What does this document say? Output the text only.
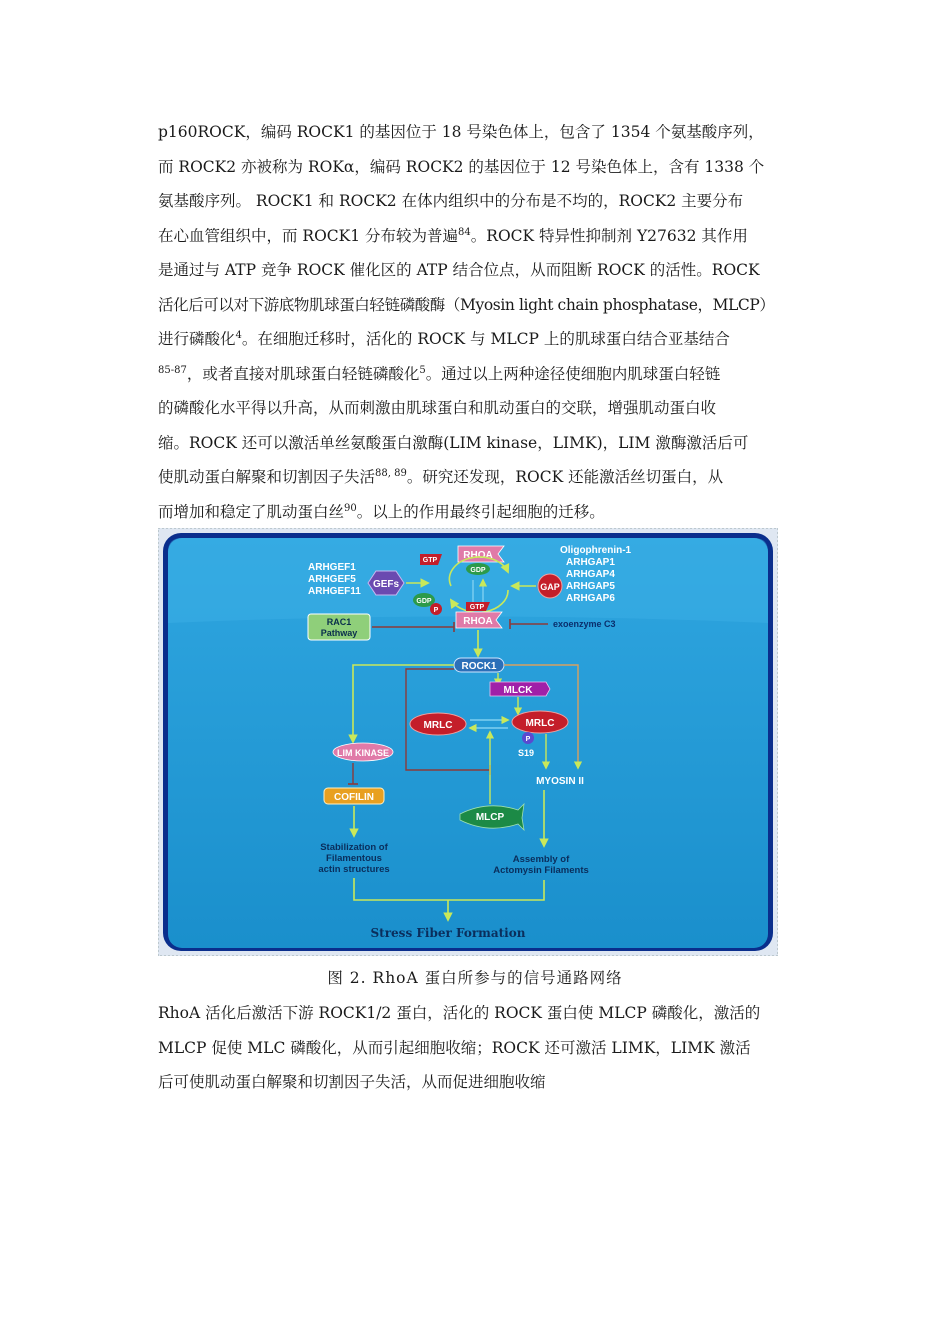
p160ROCK，编码 ROCK1 的基因位于 18 号染色体上，包含了 1354 个氨基酸序列，

而 ROCK2 亦被称为 ROKα，编码 ROCK2 的基因位于 12 号染色体上，含有 1338 个

氨基酸序列。 ROCK1 和 ROCK2 在体内组织中的分布是不均的，ROCK2 主要分布

在心血管组织中，而 ROCK1 分布较为普遍$^{84}$。ROCK 特异性抑制剂 Y27632 其作用

是通过与 ATP 竞争 ROCK 催化区的 ATP 结合位点，从而阻断 ROCK 的活性。ROCK

活化后可以对下游底物肌球蛋白轻链磷酸酶（Myosin light chain phosphatase，MLCP）

进行磷酸化$^4$。在细胞迁移时，活化的 ROCK 与 MLCP 上的肌球蛋白结合亚基结合

$^{85-87}$，或者直接对肌球蛋白轻链磷酸化$^5$。通过以上两种途径使细胞内肌球蛋白轻链

的磷酸化水平得以升高，从而刺激由肌球蛋白和肌动蛋白的交联，增强肌动蛋白收

缩。ROCK 还可以激活单丝氨酸蛋白激酶(LIM kinase，LIMK)，LIM 激酶激活后可

使肌动蛋白解聚和切割因子失活$^{88, 89}$。研究还发现，ROCK 还能激活丝切蛋白，从

而增加和稳定了肌动蛋白丝$^{90}$。以上的作用最终引起细胞的迁移。

ARHGEF1
ARHGEF5
ARHGEF11
GEFs
GTP	RHOA
GDP
GDP
P	GTP
RHOA
GAP
Oligophrenin-1
ARHGAP1
ARHGAP4
ARHGAP5
ARHGAP6
RAC1
Pathway
exoenzyme C3
ROCK1
MLCK
MRLC	MRLC
P
S19
LIM KINASE
MYOSIN II
COFILIN
MLCP
Stabilization of
Filamentous
actin structures
Assembly of
Actomysin Filaments
Stress Fiber Formation
图 2. RhoA 蛋白所参与的信号通路网络

RhoA 活化后激活下游 ROCK1/2 蛋白，活化的 ROCK 蛋白使 MLCP 磷酸化，激活的

MLCP 促使 MLC 磷酸化，从而引起细胞收缩；ROCK 还可激活 LIMK，LIMK 激活

后可使肌动蛋白解聚和切割因子失活，从而促进细胞收缩
